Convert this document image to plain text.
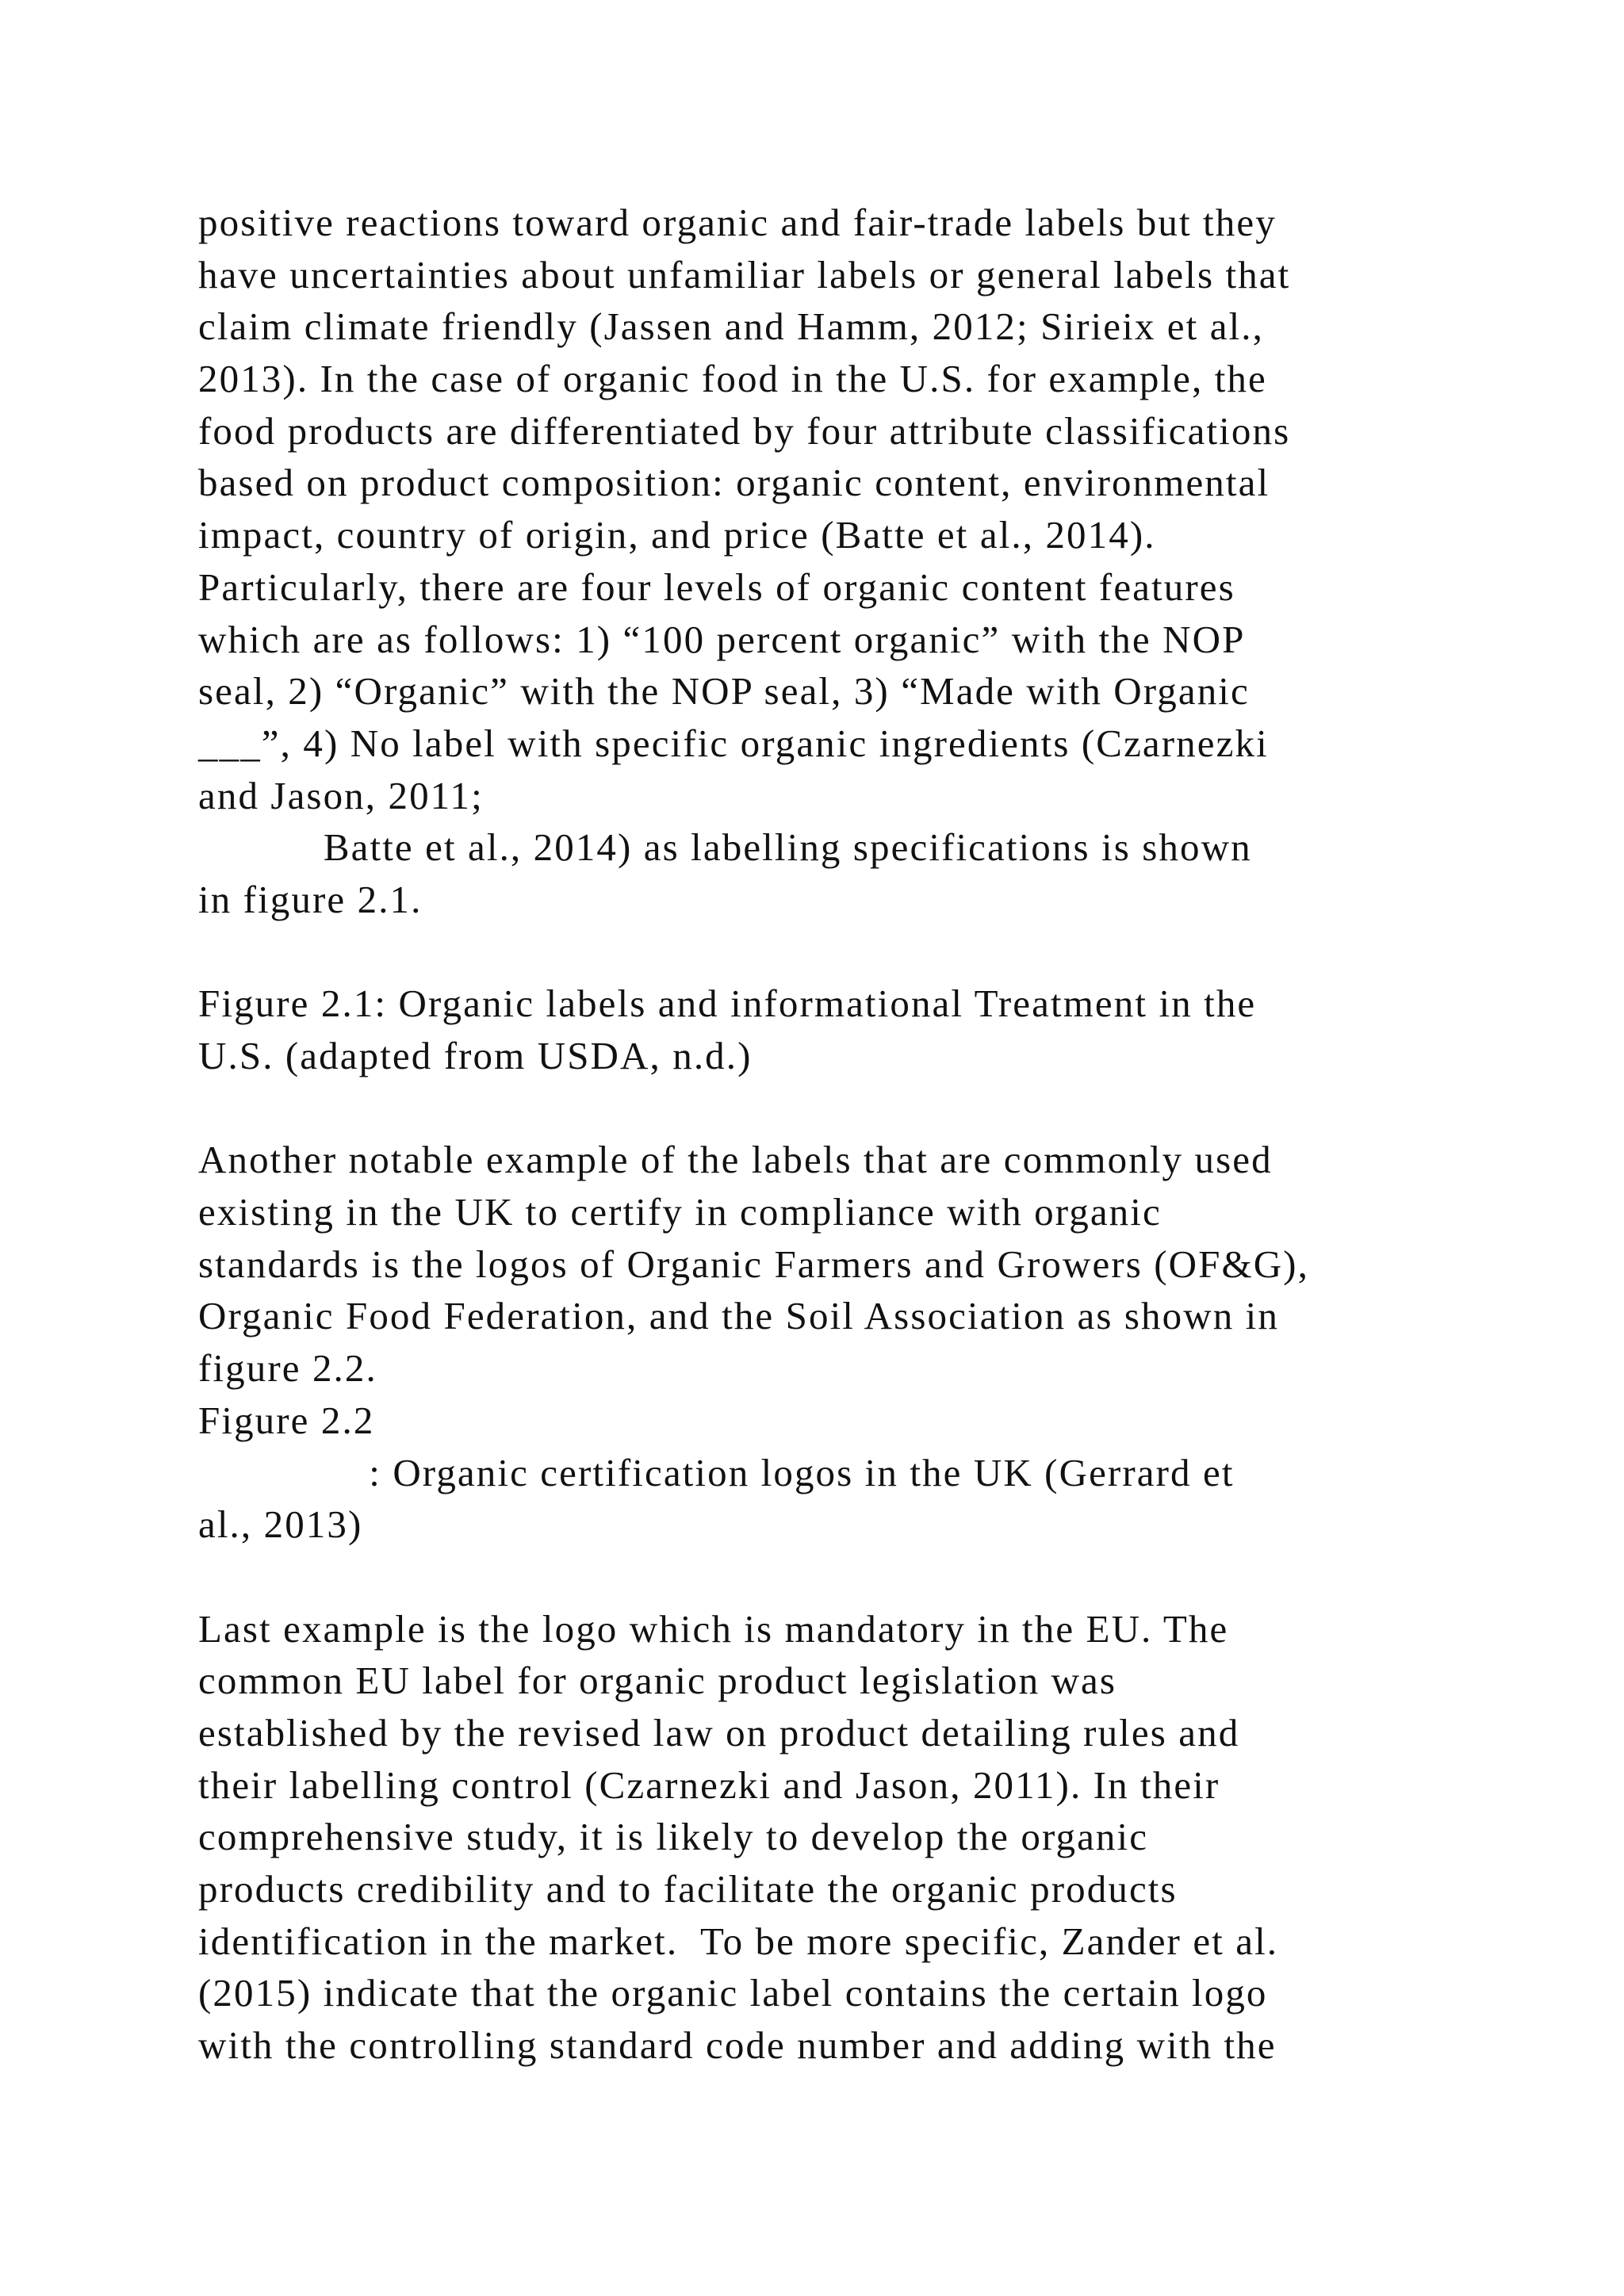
positive reactions toward organic and fair-trade labels but they
have uncertainties about unfamiliar labels or general labels that
claim climate friendly (Jassen and Hamm, 2012; Sirieix et al.,
2013). In the case of organic food in the U.S. for example, the
food products are differentiated by four attribute classifications
based on product composition: organic content, environmental
impact, country of origin, and price (Batte et al., 2014).
Particularly, there are four levels of organic content features
which are as follows: 1) “100 percent organic” with the NOP
seal, 2) “Organic” with the NOP seal, 3) “Made with Organic
___”, 4) No label with specific organic ingredients (Czarnezki
and Jason, 2011;
Batte et al., 2014) as labelling specifications is shown
in figure 2.1.
Figure 2.1: Organic labels and informational Treatment in the
U.S. (adapted from USDA, n.d.)
Another notable example of the labels that are commonly used
existing in the UK to certify in compliance with organic
standards is the logos of Organic Farmers and Growers (OF&G),
Organic Food Federation, and the Soil Association as shown in
figure 2.2.
Figure 2.2
: Organic certification logos in the UK (Gerrard et
al., 2013)
Last example is the logo which is mandatory in the EU. The
common EU label for organic product legislation was
established by the revised law on product detailing rules and
their labelling control (Czarnezki and Jason, 2011). In their
comprehensive study, it is likely to develop the organic
products credibility and to facilitate the organic products
identification in the market.  To be more specific, Zander et al.
(2015) indicate that the organic label contains the certain logo
with the controlling standard code number and adding with the
